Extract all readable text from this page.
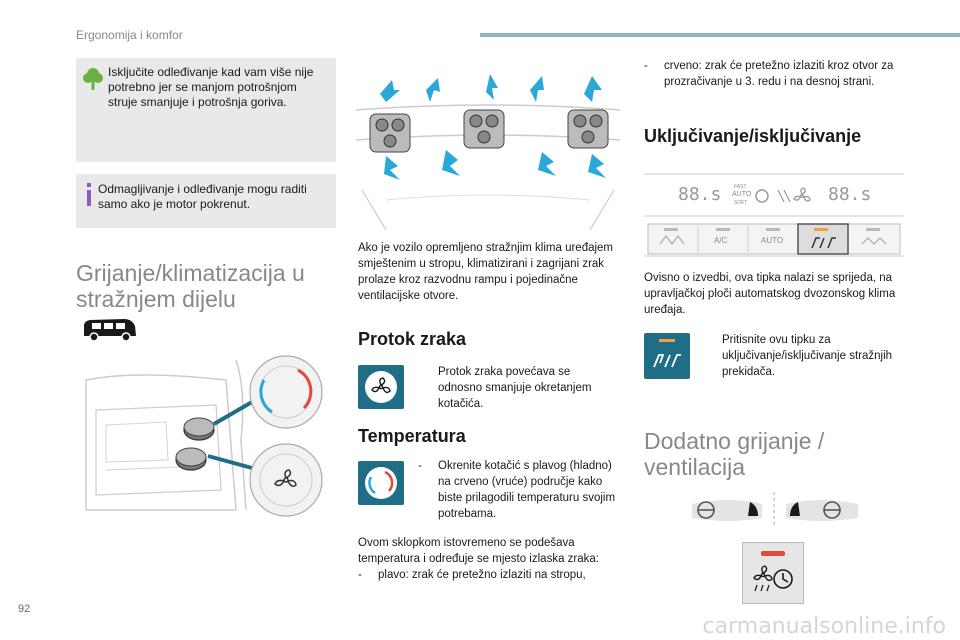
Ergonomija i komfor

Isključite odleđivanje kad vam više nije potrebno jer se manjom potrošnjom struje smanjuje i potrošnja goriva.

Odmagljivanje i odleđivanje mogu raditi samo ako je motor pokrenut.

Grijanje/klimatizacija u
stražnjem dijelu

Ako je vozilo opremljeno stražnjim klima uređajem smještenim u stropu, klimatizirani i zagrijani zrak prolaze kroz razvodnu rampu i pojedinačne ventilacijske otvore.

Protok zraka
Protok zraka povećava se odnosno smanjuje okretanjem kotačića.
Temperatura
- Okrenite kotačić s plavog (hladno) na crveno (vruće) područje kako biste prilagodili temperaturu svojim potrebama.

Ovom sklopkom istovremeno se podešava temperatura i određuje se mjesto izlaska zraka:

- plavo: zrak će pretežno izlaziti na stropu,
- crveno: zrak će pretežno izlaziti kroz otvor za prozračivanje u 3. redu i na desnoj strani.
Uključivanje/isključivanje
88.s	FAST
AUTO
SOFT	88.s
A/C	AUTO

Ovisno o izvedbi, ova tipka nalazi se sprijeda, na upravljačkoj ploči automatskog dvozonskog klima uređaja.

Pritisnite ovu tipku za uključivanje/isključivanje stražnjih prekidača.
Dodatno grijanje /
ventilacija
92
carmanualsonline.info
